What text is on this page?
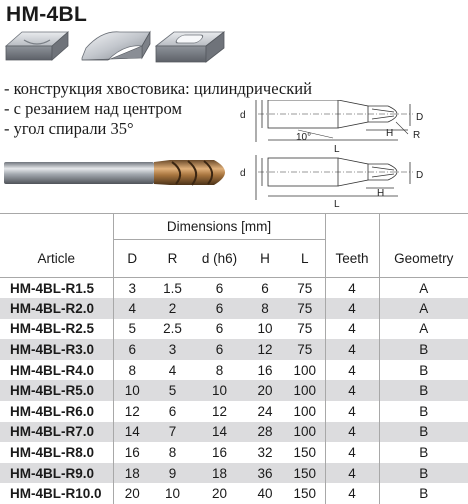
HM-4BL
- конструкция хвостовика: цилиндрический
- с резанием над центром
- угол спирали 35°
d
10°
L
H R
D
d
L
H
D
	Dimensions [mm]						
Article	D	R	d (h6)	H	L	Teeth	Geometry
HM-4BL-R1.5	3	1.5	6	6	75	4	A
HM-4BL-R2.0	4	2	6	8	75	4	A
HM-4BL-R2.5	5	2.5	6	10	75	4	A
HM-4BL-R3.0	6	3	6	12	75	4	B
HM-4BL-R4.0	8	4	8	16	100	4	B
HM-4BL-R5.0	10	5	10	20	100	4	B
HM-4BL-R6.0	12	6	12	24	100	4	B
HM-4BL-R7.0	14	7	14	28	100	4	B
HM-4BL-R8.0	16	8	16	32	150	4	B
HM-4BL-R9.0	18	9	18	36	150	4	B
HM-4BL-R10.0	20	10	20	40	150	4	B
